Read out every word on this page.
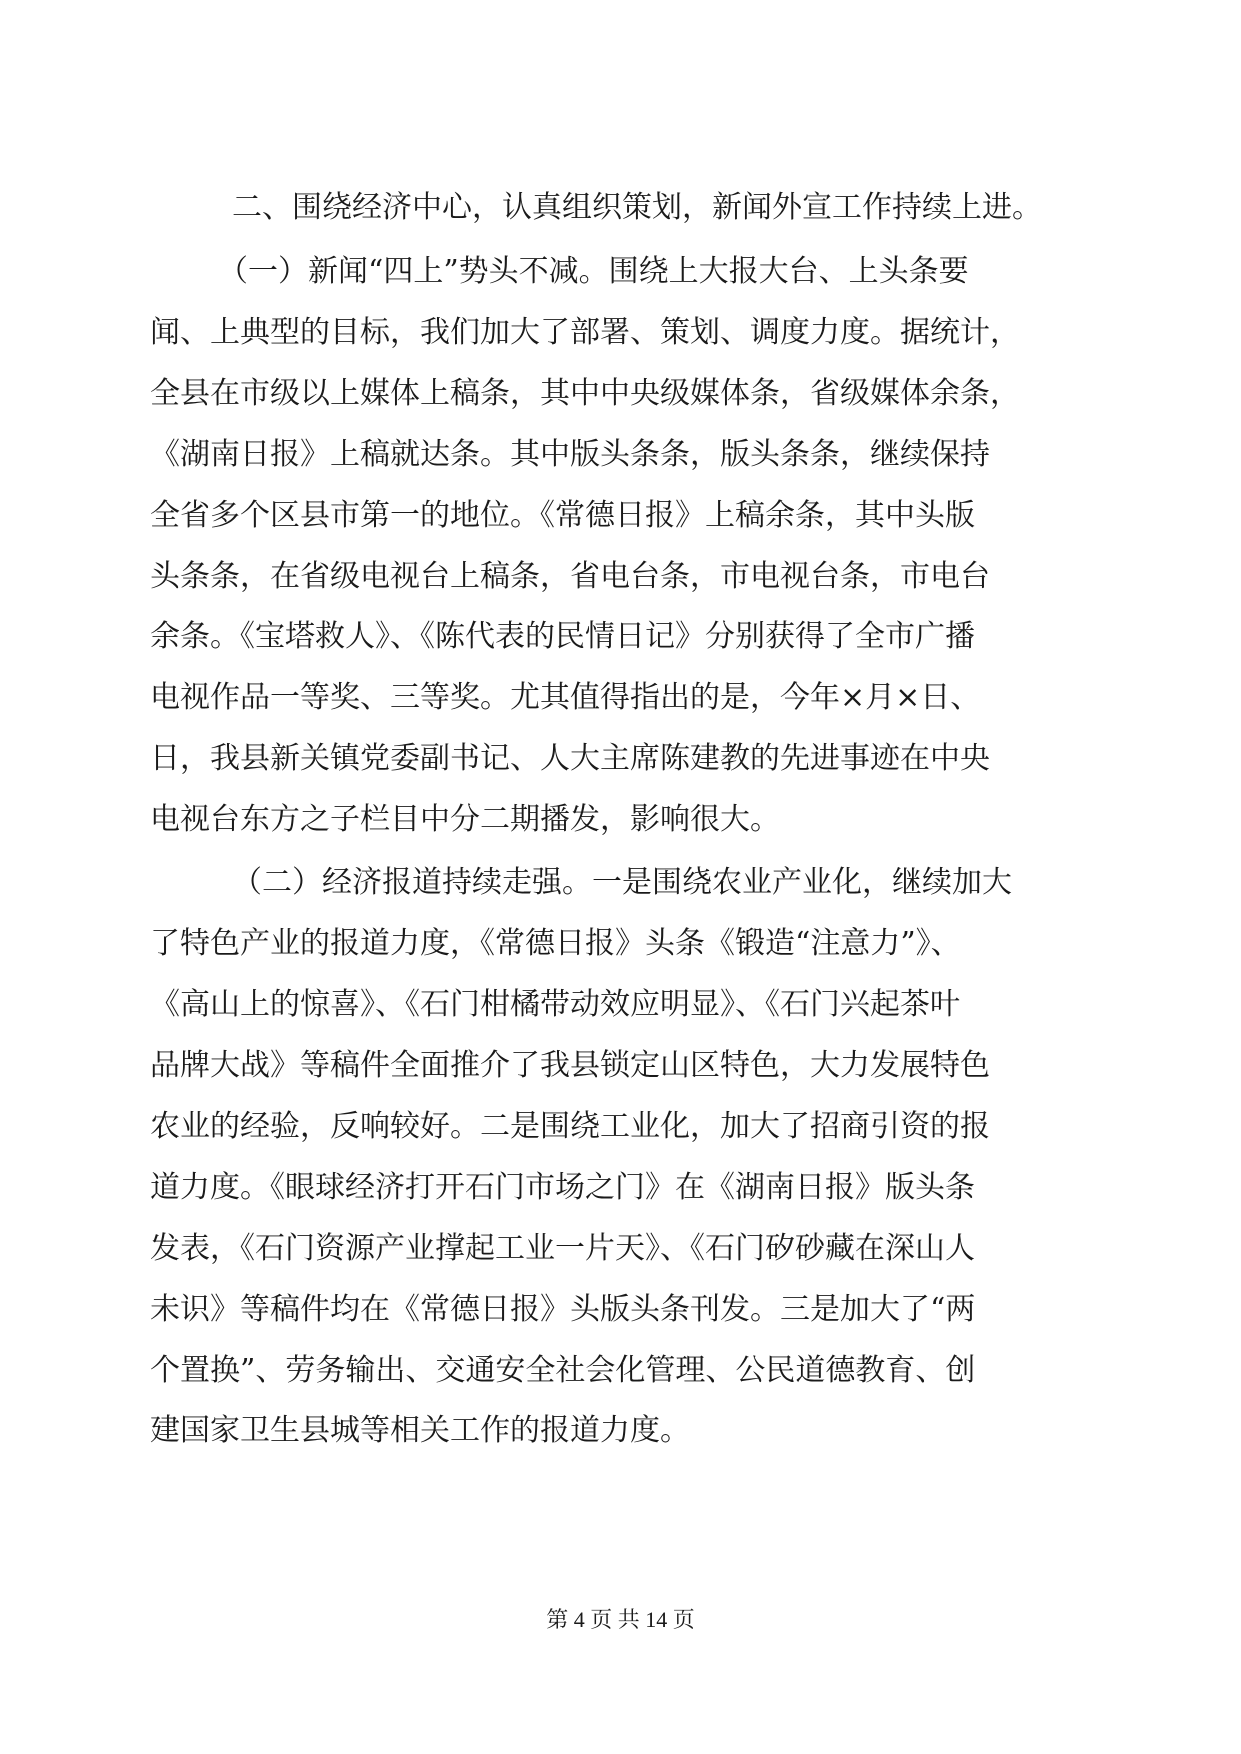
二、围绕经济中心，认真组织策划，新闻外宣工作持续上进。
（一）新闻“四上”势头不减。围绕上大报大台、上头条要
闻、上典型的目标，我们加大了部署、策划、调度力度。据统计，
全县在市级以上媒体上稿条，其中中央级媒体条，省级媒体余条，
《湖南日报》上稿就达条。其中版头条条，版头条条，继续保持
全省多个区县市第一的地位。《常德日报》上稿余条，其中头版
头条条，在省级电视台上稿条，省电台条，市电视台条，市电台
余条。《宝塔救人》、《陈代表的民情日记》分别获得了全市广播
电视作品一等奖、三等奖。尤其值得指出的是，今年×月×日、
日，我县新关镇党委副书记、人大主席陈建教的先进事迹在中央
电视台东方之子栏目中分二期播发，影响很大。
（二）经济报道持续走强。一是围绕农业产业化，继续加大
了特色产业的报道力度，《常德日报》头条《锻造“注意力”》、
《高山上的惊喜》、《石门柑橘带动效应明显》、《石门兴起茶叶
品牌大战》等稿件全面推介了我县锁定山区特色，大力发展特色
农业的经验，反响较好。二是围绕工业化，加大了招商引资的报
道力度。《眼球经济打开石门市场之门》在《湖南日报》版头条
发表，《石门资源产业撑起工业一片天》、《石门矽砂藏在深山人
未识》等稿件均在《常德日报》头版头条刊发。三是加大了“两
个置换”、劳务输出、交通安全社会化管理、公民道德教育、创
建国家卫生县城等相关工作的报道力度。
第 4 页 共 14 页
